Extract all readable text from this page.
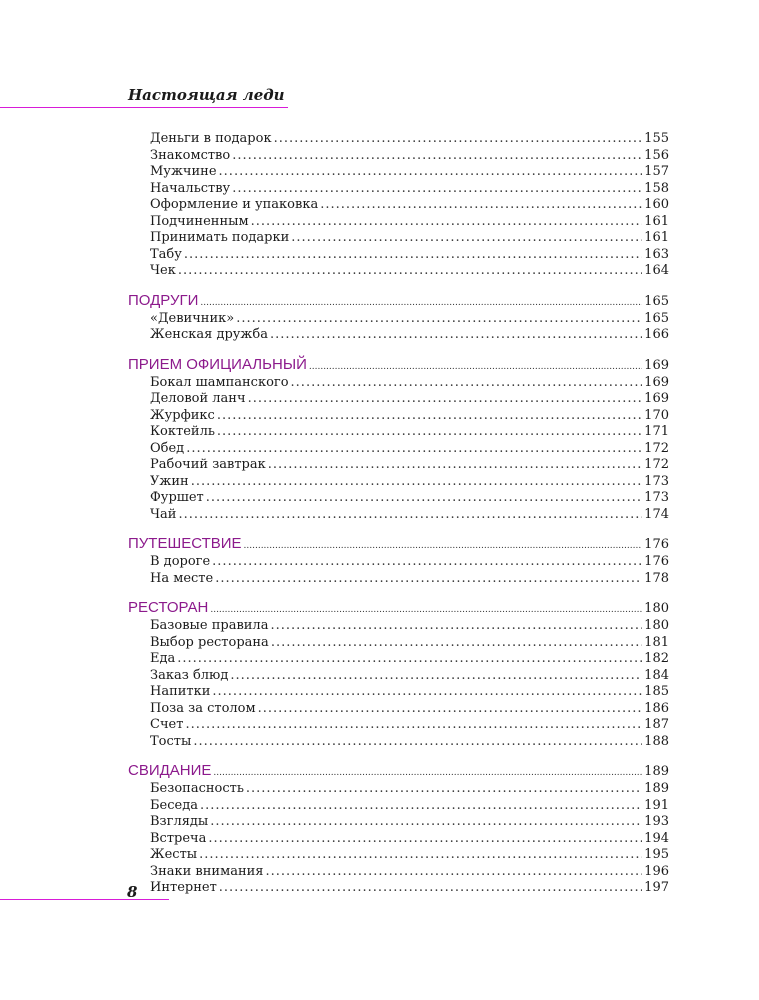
Настоящая леди
Деньги в подарок .....	155
Знакомство .....	156
Мужчине .....	157
Начальству .....	158
Оформление и упаковка .....	160
Подчиненным .....	161
Принимать подарки .....	161
Табу .....	163
Чек .....	164
ПОДРУГИ .....	165
«Девичник» .....	165
Женская дружба .....	166
ПРИЕМ ОФИЦИАЛЬНЫЙ .....	169
Бокал шампанского .....	169
Деловой ланч .....	169
Журфикс .....	170
Коктейль .....	171
Обед .....	172
Рабочий завтрак .....	172
Ужин .....	173
Фуршет .....	173
Чай .....	174
ПУТЕШЕСТВИЕ .....	176
В дороге .....	176
На месте .....	178
РЕСТОРАН .....	180
Базовые правила .....	180
Выбор ресторана .....	181
Еда .....	182
Заказ блюд .....	184
Напитки .....	185
Поза за столом .....	186
Счет .....	187
Тосты .....	188
СВИДАНИЕ .....	189
Безопасность .....	189
Беседа .....	191
Взгляды .....	193
Встреча .....	194
Жесты .....	195
Знаки внимания .....	196
Интернет .....	197
8
